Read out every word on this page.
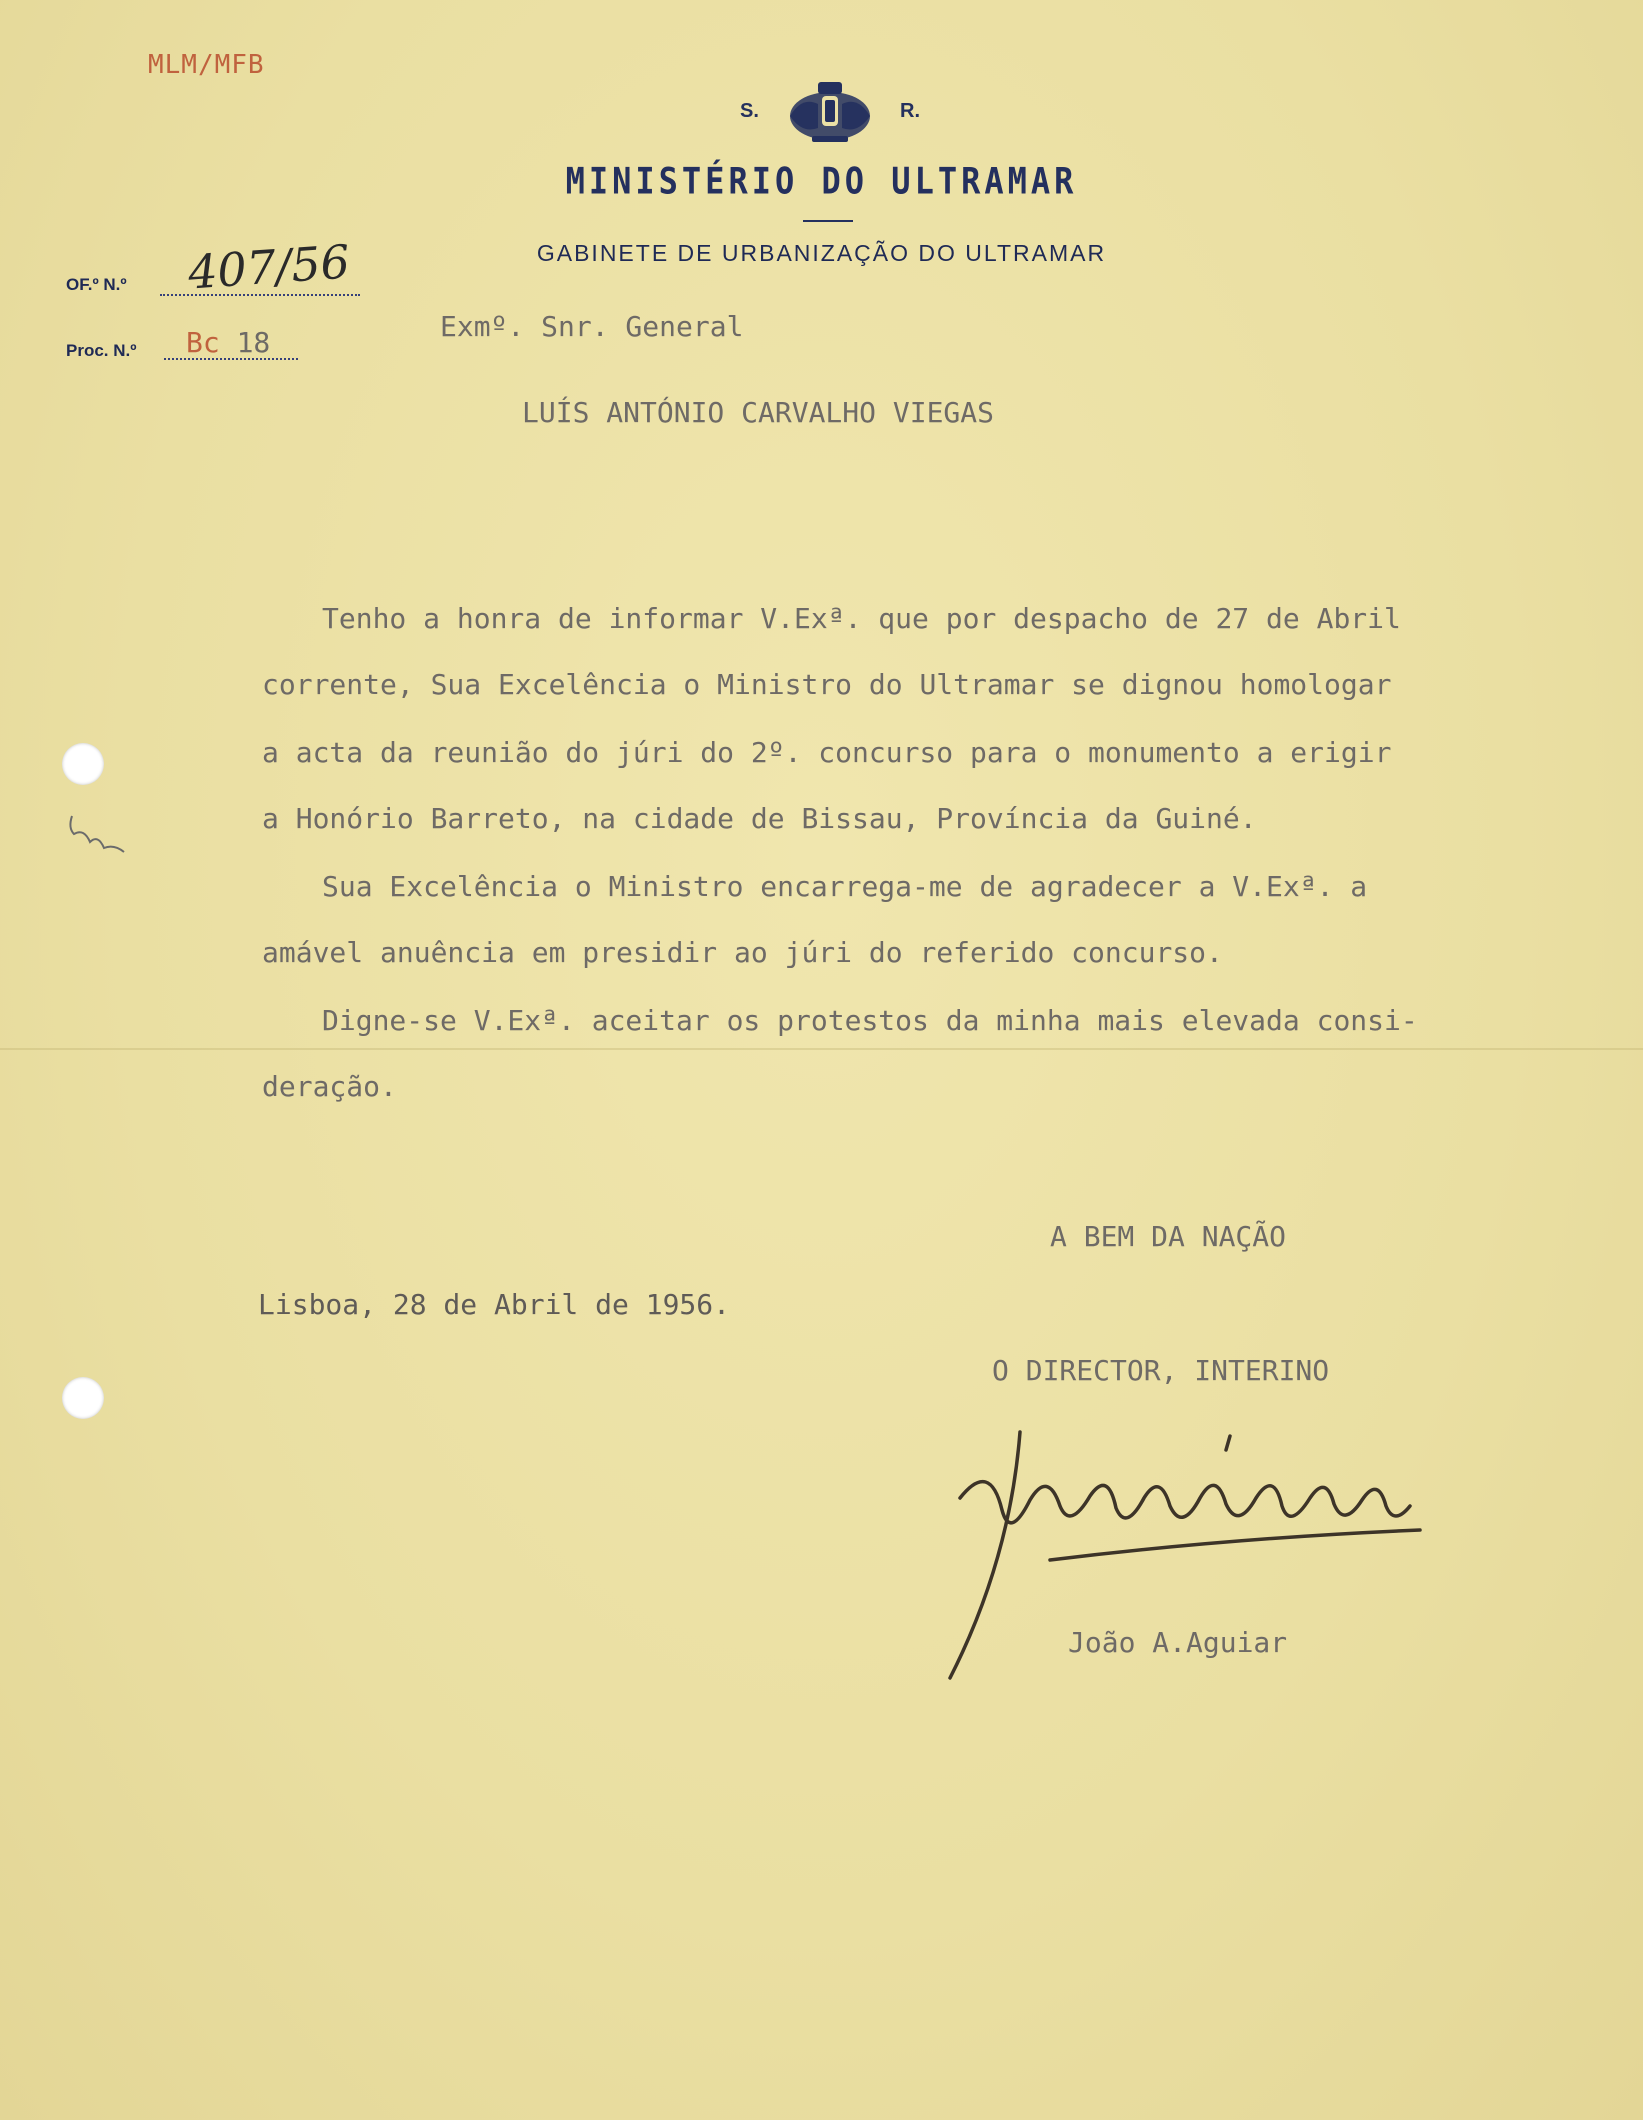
MLM/MFB
S.	R.
MINISTÉRIO DO ULTRAMAR
GABINETE DE URBANIZAÇÃO DO ULTRAMAR
OF.º N.º 407/56
Proc. N.º Bc 18	Exmº. Snr. General
LUÍS ANTÓNIO CARVALHO VIEGAS
Tenho a honra de informar V.Exª. que por despacho de 27 de Abril
corrente, Sua Excelência o Ministro do Ultramar se dignou homologar
a acta da reunião do júri do 2º. concurso para o monumento a erigir
a Honório Barreto, na cidade de Bissau, Província da Guiné.
Sua Excelência o Ministro encarrega-me de agradecer a V.Exª. a
amável anuência em presidir ao júri do referido concurso.
Digne-se V.Exª. aceitar os protestos da minha mais elevada consi-
deração.
A BEM DA NAÇÃO
Lisboa, 28 de Abril de 1956.
O DIRECTOR, INTERINO
João A.Aguiar
